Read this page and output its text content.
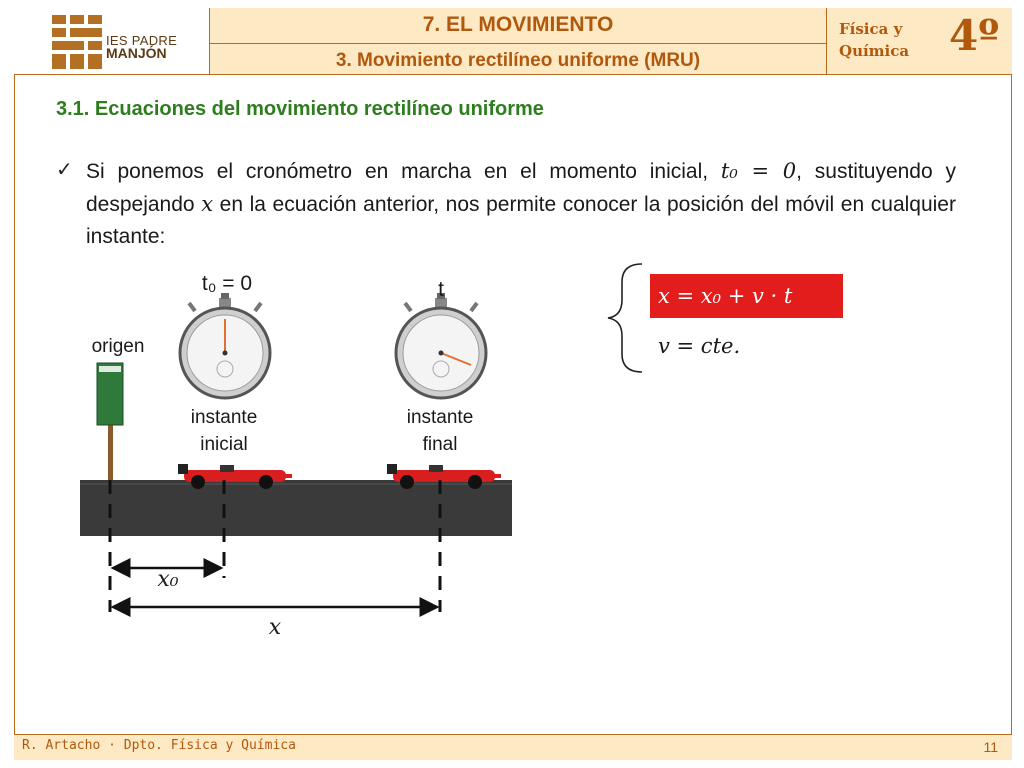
IES PADRE
MANJÓN
7. EL MOVIMIENTO
3. Movimiento rectilíneo uniforme (MRU)
Física y
Química 4º
3.1. Ecuaciones del movimiento rectilíneo uniforme
✓ Si ponemos el cronómetro en marcha en el momento inicial, t₀ = 0, sustituyendo y despejando x en la ecuación anterior, nos permite conocer la posición del móvil en cualquier instante:
t₀ = 0	t
origen
instante
inicial
instante
final
x₀
x
x = x₀ + v · t
v = cte.
R. Artacho · Dpto. Física y Química	11
